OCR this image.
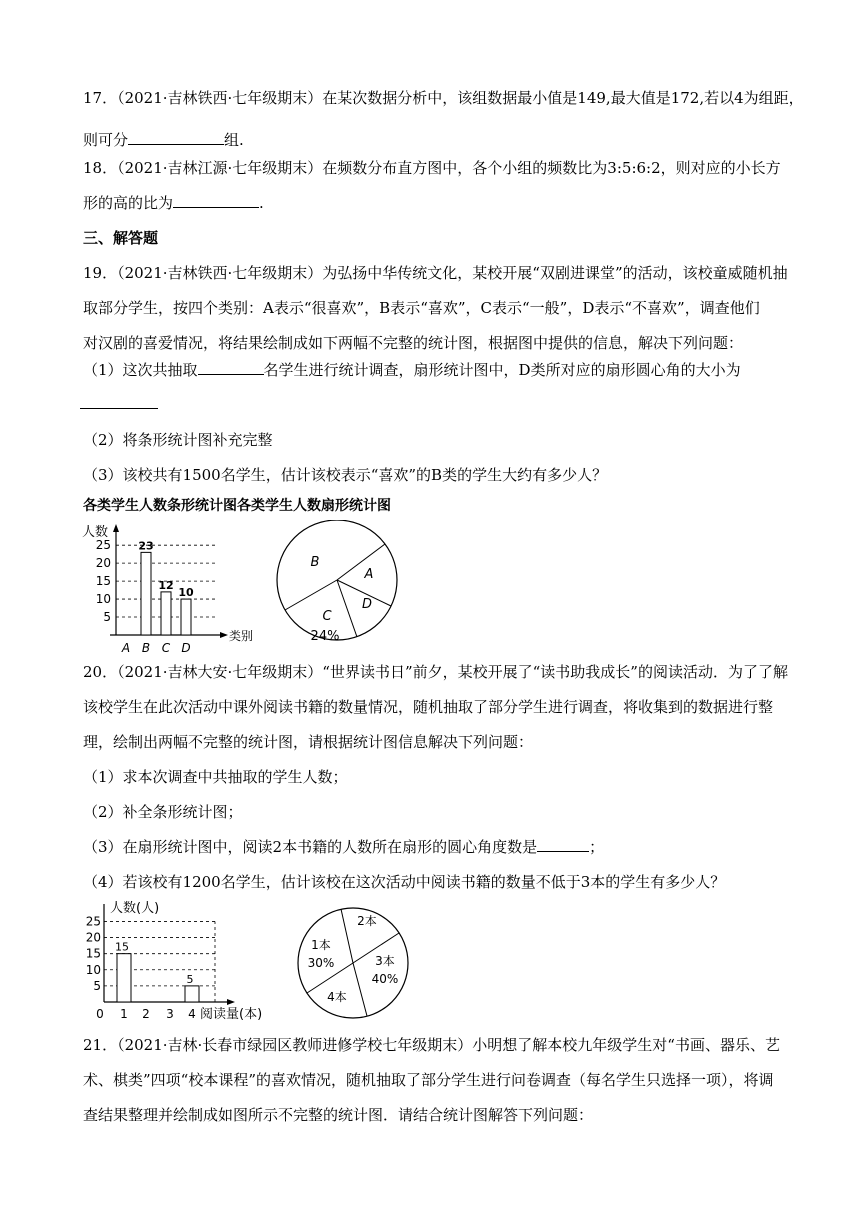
17．（2021·吉林铁西·七年级期末）在某次数据分析中，该组数据最小值是149,最大值是172,若以4为组距，
则可分	组.
18．（2021·吉林江源·七年级期末）在频数分布直方图中，各个小组的频数比为3:5:6:2，则对应的小长方
形的高的比为	.
三、解答题
19．（2021·吉林铁西·七年级期末）为弘扬中华传统文化，某校开展“双剧进课堂”的活动，该校童威随机抽
取部分学生，按四个类别：A表示“很喜欢”，B表示“喜欢”，C表示“一般”，D表示“不喜欢”，调查他们
对汉剧的喜爱情况，将结果绘制成如下两幅不完整的统计图，根据图中提供的信息，解决下列问题：
（1）这次共抽取	名学生进行统计调查，扇形统计图中，D类所对应的扇形圆心角的大小为
（2）将条形统计图补充完整
（3）该校共有1500名学生，估计该校表示“喜欢”的B类的学生大约有多少人？
各类学生人数条形统计图各类学生人数扇形统计图
人数
类别
5
10
15
20
25
A B
23
C
12
D
10
B
A
D
C
24%
20．（2021·吉林大安·七年级期末）“世界读书日”前夕，某校开展了“读书助我成长”的阅读活动．为了了解
该校学生在此次活动中课外阅读书籍的数量情况，随机抽取了部分学生进行调查，将收集到的数据进行整
理，绘制出两幅不完整的统计图，请根据统计图信息解决下列问题：
（1）求本次调查中共抽取的学生人数；
（2）补全条形统计图；
（3）在扇形统计图中，阅读2本书籍的人数所在扇形的圆心角度数是	；
（4）若该校有1200名学生，估计该校在这次活动中阅读书籍的数量不低于3本的学生有多少人？
人数(人)
阅读量(本)
0
5
10
15
20
25
1
15
2 3 4
5
2本
3本
40%
4本
1本
30%
21．（2021·吉林·长春市绿园区教师进修学校七年级期末）小明想了解本校九年级学生对“书画、器乐、艺
术、棋类”四项“校本课程”的喜欢情况，随机抽取了部分学生进行问卷调查（每名学生只选择一项），将调
查结果整理并绘制成如图所示不完整的统计图．请结合统计图解答下列问题：
